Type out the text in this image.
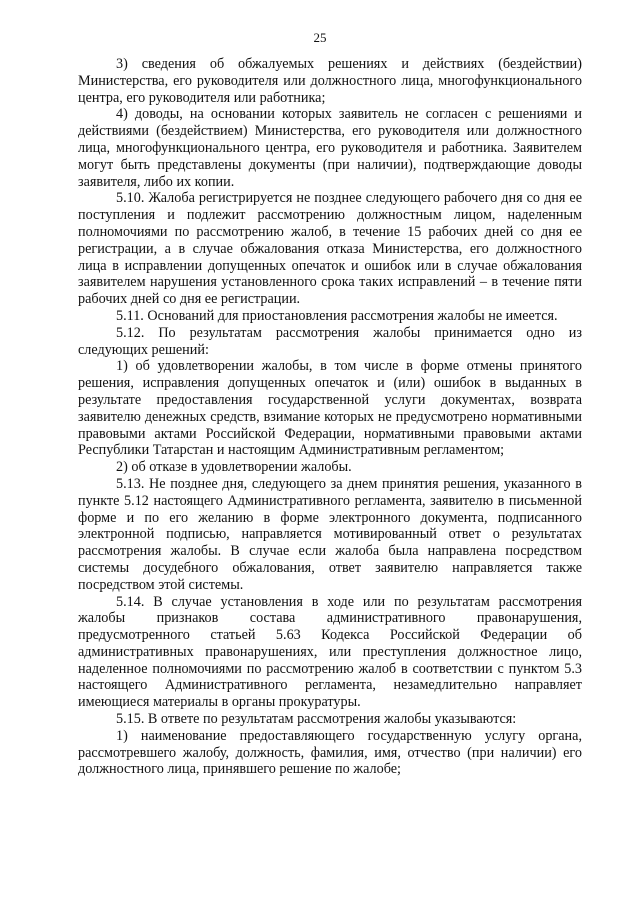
25

3) сведения об обжалуемых решениях и действиях (бездействии) Министерства, его руководителя или должностного лица, многофункционального центра, его руководителя или работника;

4) доводы, на основании которых заявитель не согласен с решениями и действиями (бездействием) Министерства, его руководителя или должностного лица, многофункционального центра, его руководителя и работника. Заявителем могут быть представлены документы (при наличии), подтверждающие доводы заявителя, либо их копии.

5.10. Жалоба регистрируется не позднее следующего рабочего дня со дня ее поступления и подлежит рассмотрению должностным лицом, наделенным полномочиями по рассмотрению жалоб, в течение 15 рабочих дней со дня ее регистрации, а в случае обжалования отказа Министерства, его должностного лица в исправлении допущенных опечаток и ошибок или в случае обжалования заявителем нарушения установленного срока таких исправлений – в течение пяти рабочих дней со дня ее регистрации.

5.11. Оснований для приостановления рассмотрения жалобы не имеется.

5.12. По результатам рассмотрения жалобы принимается одно из следующих решений:

1) об удовлетворении жалобы, в том числе в форме отмены принятого решения, исправления допущенных опечаток и (или) ошибок в выданных в результате предоставления государственной услуги документах, возврата заявителю денежных средств, взимание которых не предусмотрено нормативными правовыми актами Российской Федерации, нормативными правовыми актами Республики Татарстан и настоящим Административным регламентом;

2) об отказе в удовлетворении жалобы.

5.13. Не позднее дня, следующего за днем принятия решения, указанного в пункте 5.12 настоящего Административного регламента, заявителю в письменной форме и по его желанию в форме электронного документа, подписанного электронной подписью, направляется мотивированный ответ о результатах рассмотрения жалобы. В случае если жалоба была направлена посредством системы досудебного обжалования, ответ заявителю направляется также посредством этой системы.

5.14. В случае установления в ходе или по результатам рассмотрения жалобы признаков состава административного правонарушения, предусмотренного статьей 5.63 Кодекса Российской Федерации об административных правонарушениях, или преступления должностное лицо, наделенное полномочиями по рассмотрению жалоб в соответствии с пунктом 5.3 настоящего Административного регламента, незамедлительно направляет имеющиеся материалы в органы прокуратуры.

5.15. В ответе по результатам рассмотрения жалобы указываются:

1) наименование предоставляющего государственную услугу органа, рассмотревшего жалобу, должность, фамилия, имя, отчество (при наличии) его должностного лица, принявшего решение по жалобе;
